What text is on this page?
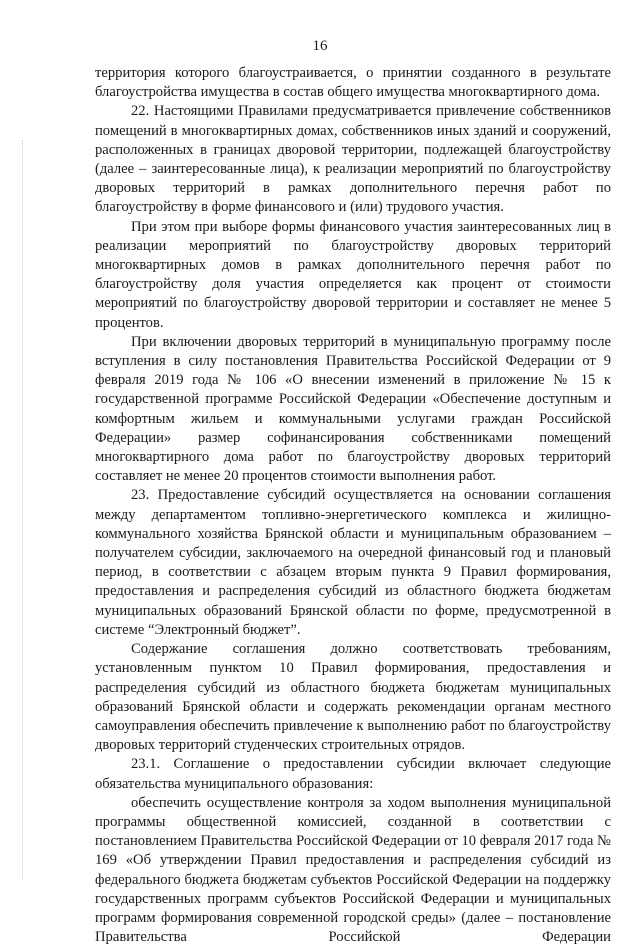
16

территория которого благоустраивается, о принятии созданного в результате благоустройства имущества в состав общего имущества многоквартирного дома.

22. Настоящими Правилами предусматривается привлечение собственников помещений в многоквартирных домах, собственников иных зданий и сооружений, расположенных в границах дворовой территории, подлежащей благоустройству (далее – заинтересованные лица), к реализации мероприятий по благоустройству дворовых территорий в рамках дополнительного перечня работ по благоустройству в форме финансового и (или) трудового участия.

При этом при выборе формы финансового участия заинтересованных лиц в реализации мероприятий по благоустройству дворовых территорий многоквартирных домов в рамках дополнительного перечня работ по благоустройству доля участия определяется как процент от стоимости мероприятий по благоустройству дворовой территории и составляет не менее 5 процентов.

При включении дворовых территорий в муниципальную программу после вступления в силу постановления Правительства Российской Федерации от 9 февраля 2019 года № 106 «О внесении изменений в приложение № 15 к государственной программе Российской Федерации «Обеспечение доступным и комфортным жильем и коммунальными услугами граждан Российской Федерации» размер софинансирования собственниками помещений многоквартирного дома работ по благоустройству дворовых территорий составляет не менее 20 процентов стоимости выполнения работ.

23. Предоставление субсидий осуществляется на основании соглашения между департаментом топливно-энергетического комплекса и жилищно-коммунального хозяйства Брянской области и муниципальным образованием – получателем субсидии, заключаемого на очередной финансовый год и плановый период, в соответствии с абзацем вторым пункта 9 Правил формирования, предоставления и распределения субсидий из областного бюджета бюджетам муниципальных образований Брянской области по форме, предусмотренной в системе “Электронный бюджет”.

Содержание соглашения должно соответствовать требованиям, установленным пунктом 10 Правил формирования, предоставления и распределения субсидий из областного бюджета бюджетам муниципальных образований Брянской области и содержать рекомендации органам местного самоуправления обеспечить привлечение к выполнению работ по благоустройству дворовых территорий студенческих строительных отрядов.

23.1. Соглашение о предоставлении субсидии включает следующие обязательства муниципального образования:

обеспечить осуществление контроля за ходом выполнения муниципальной программы общественной комиссией, созданной в соответствии с постановлением Правительства Российской Федерации от 10 февраля 2017 года № 169 «Об утверждении Правил предоставления и распределения субсидий из федерального бюджета бюджетам субъектов Российской Федерации на поддержку государственных программ субъектов Российской Федерации и муниципальных программ формирования современной городской среды» (далее – постановление Правительства Российской Федерации
